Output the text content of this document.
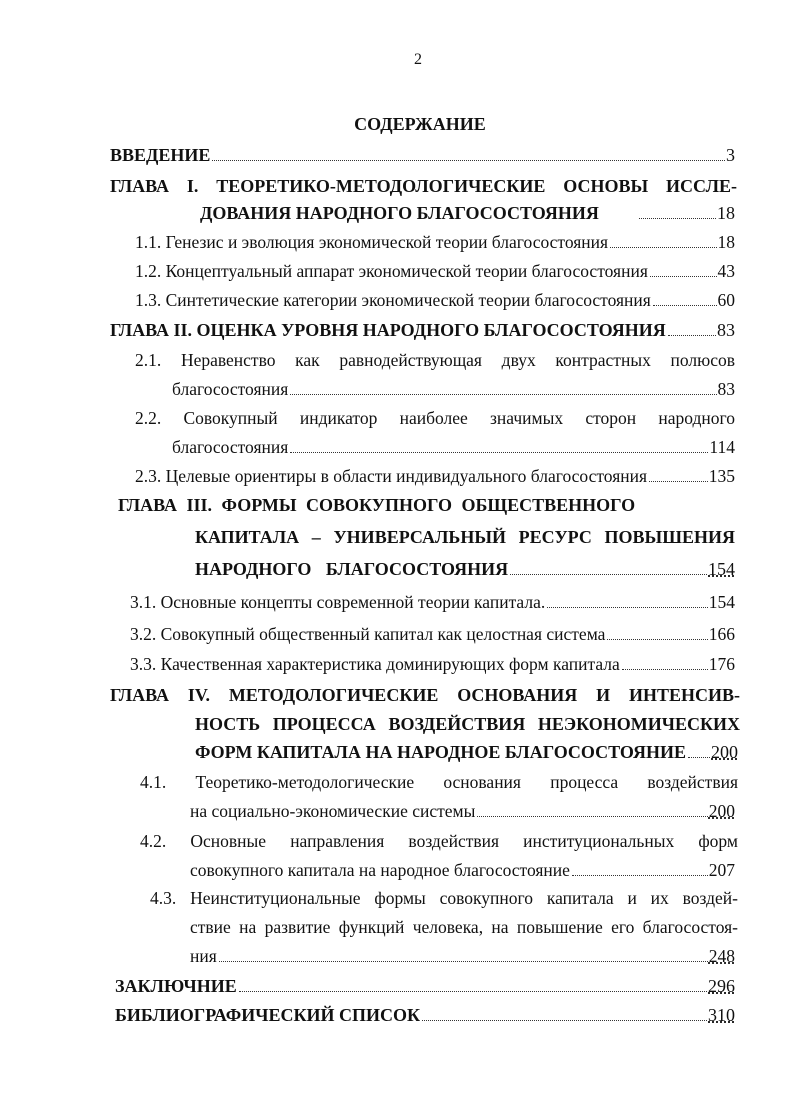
2
СОДЕРЖАНИЕ
ВВЕДЕНИЕ	3
ГЛАВА I. ТЕОРЕТИКО-МЕТОДОЛОГИЧЕСКИЕ ОСНОВЫ ИССЛЕ-
ДОВАНИЯ НАРОДНОГО БЛАГОСОСТОЯНИЯ	18
1.1. Генезис и эволюция экономической теории благосостояния	18
1.2. Концептуальный аппарат экономической теории благосостояния	43
1.3. Синтетические категории экономической теории благосостояния	60
ГЛАВА II. ОЦЕНКА УРОВНЯ НАРОДНОГО БЛАГОСОСТОЯНИЯ	83
2.1. Неравенство как равнодействующая двух контрастных полюсов
благосостояния	83
2.2. Совокупный индикатор наиболее значимых сторон народного
благосостояния	114
2.3. Целевые ориентиры в области индивидуального благосостояния	135
ГЛАВА III. ФОРМЫ СОВОКУПНОГО ОБЩЕСТВЕННОГО
КАПИТАЛА – УНИВЕРСАЛЬНЫЙ РЕСУРС ПОВЫШЕНИЯ
НАРОДНОГО БЛАГОСОСТОЯНИЯ	154
3.1. Основные концепты современной теории капитала.	154
3.2. Совокупный общественный капитал как целостная система	166
3.3. Качественная характеристика доминирующих форм капитала	176
ГЛАВА IV. МЕТОДОЛОГИЧЕСКИЕ ОСНОВАНИЯ И ИНТЕНСИВ-
НОСТЬ ПРОЦЕССА ВОЗДЕЙСТВИЯ НЕЭКОНОМИЧЕСКИХ
ФОРМ КАПИТАЛА НА НАРОДНОЕ БЛАГОСОСТОЯНИЕ 200
4.1. Теоретико-методологические основания процесса воздействия
на социально-экономические системы	200
4.2. Основные направления воздействия институциональных форм
совокупного капитала на народное благосостояние	207
4.3. Неинституциональные формы совокупного капитала и их воздей-
ствие на развитие функций человека, на повышение его благосостоя-
ния	248
ЗАКЛЮЧНИЕ	296
БИБЛИОГРАФИЧЕСКИЙ СПИСОК	310
